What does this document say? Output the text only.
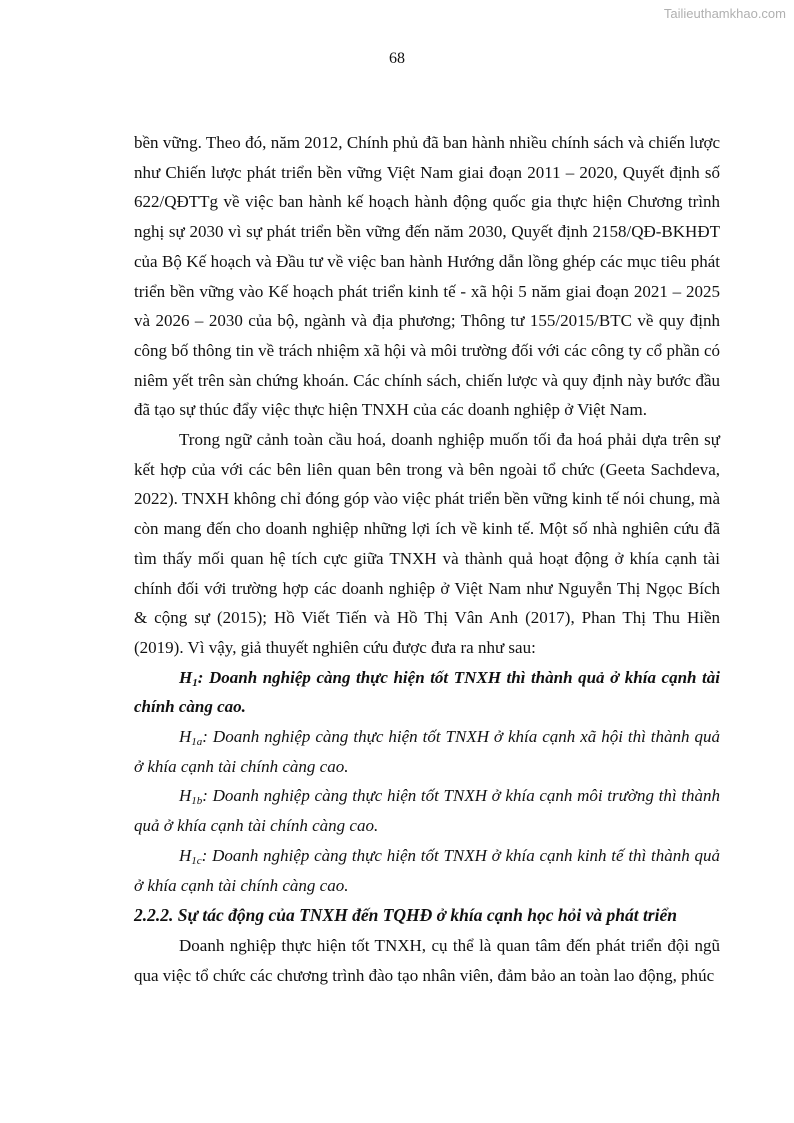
Tailieuthamkhao.com
68

bền vững. Theo đó, năm 2012, Chính phủ đã ban hành nhiều chính sách và chiến lược như Chiến lược phát triển bền vững Việt Nam giai đoạn 2011 – 2020, Quyết định số 622/QĐTTg về việc ban hành kế hoạch hành động quốc gia thực hiện Chương trình nghị sự 2030 vì sự phát triển bền vững đến năm 2030, Quyết định 2158/QĐ-BKHĐT của Bộ Kế hoạch và Đầu tư về việc ban hành Hướng dẫn lồng ghép các mục tiêu phát triển bền vững vào Kế hoạch phát triển kinh tế - xã hội 5 năm giai đoạn 2021 – 2025 và 2026 – 2030 của bộ, ngành và địa phương; Thông tư 155/2015/BTC về quy định công bố thông tin về trách nhiệm xã hội và môi trường đối với các công ty cổ phần có niêm yết trên sàn chứng khoán. Các chính sách, chiến lược và quy định này bước đầu đã tạo sự thúc đẩy việc thực hiện TNXH của các doanh nghiệp ở Việt Nam.

Trong ngữ cảnh toàn cầu hoá, doanh nghiệp muốn tối đa hoá phải dựa trên sự kết hợp của với các bên liên quan bên trong và bên ngoài tổ chức (Geeta Sachdeva, 2022). TNXH không chỉ đóng góp vào việc phát triển bền vững kinh tế nói chung, mà còn mang đến cho doanh nghiệp những lợi ích về kinh tế. Một số nhà nghiên cứu đã tìm thấy mối quan hệ tích cực giữa TNXH và thành quả hoạt động ở khía cạnh tài chính đối với trường hợp các doanh nghiệp ở Việt Nam như Nguyễn Thị Ngọc Bích & cộng sự (2015); Hồ Viết Tiến và Hồ Thị Vân Anh (2017), Phan Thị Thu Hiền (2019). Vì vậy, giả thuyết nghiên cứu được đưa ra như sau:

$H_1$: Doanh nghiệp càng thực hiện tốt TNXH thì thành quả ở khía cạnh tài chính càng cao.

$H_{1a}$: Doanh nghiệp càng thực hiện tốt TNXH ở khía cạnh xã hội thì thành quả ở khía cạnh tài chính càng cao.

$H_{1b}$: Doanh nghiệp càng thực hiện tốt TNXH ở khía cạnh môi trường thì thành quả ở khía cạnh tài chính càng cao.

$H_{1c}$: Doanh nghiệp càng thực hiện tốt TNXH ở khía cạnh kinh tế thì thành quả ở khía cạnh tài chính càng cao.

2.2.2. Sự tác động của TNXH đến TQHĐ ở khía cạnh học hỏi và phát triển

Doanh nghiệp thực hiện tốt TNXH, cụ thể là quan tâm đến phát triển đội ngũ qua việc tổ chức các chương trình đào tạo nhân viên, đảm bảo an toàn lao động, phúc
